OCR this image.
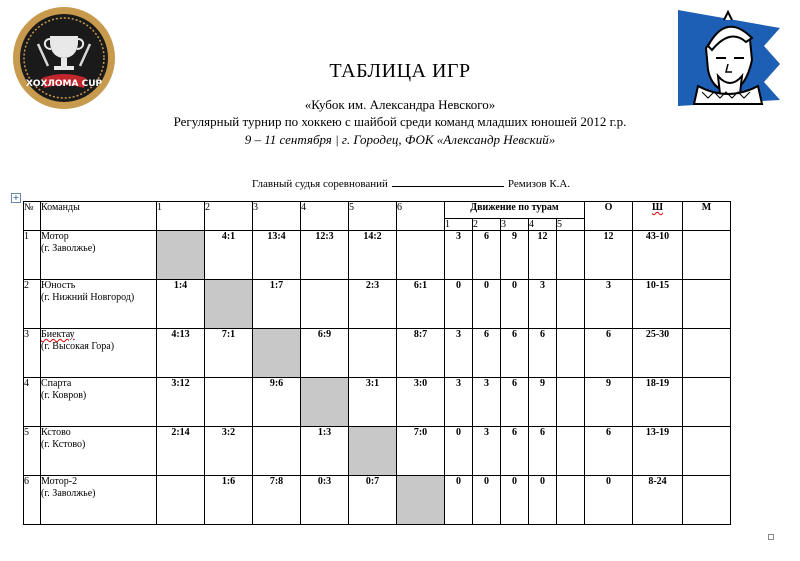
ХОХЛОМА CUP
ТАБЛИЦА ИГР
«Кубок им. Александра Невского»
Регулярный турнир по хоккею с шайбой среди команд младших юношей 2012 г.р.
9 – 11 сентября | г. Городец, ФОК «Александр Невский»
Главный судья соревнований	Ремизов К.А.
+
№	Команды	1	2	3	4	5	6	Движение по турам					О	Ш	М
								1	2	3	4	5			
1	Мотор
(г. Заволжье)		4:1	13:4	12:3	14:2		3	6	9	12		12	43-10	
2	Юность
(г. Нижний Новгород)	1:4		1:7		2:3	6:1	0	0	0	3		3	10-15	
3	Биектау
(г. Высокая Гора)	4:13	7:1		6:9		8:7	3	6	6	6		6	25-30	
4	Спарта
(г. Ковров)	3:12		9:6		3:1	3:0	3	3	6	9		9	18-19	
5	Кстово
(г. Кстово)	2:14	3:2		1:3		7:0	0	3	6	6		6	13-19	
6	Мотор-2
(г. Заволжье)		1:6	7:8	0:3	0:7		0	0	0	0		0	8-24	
